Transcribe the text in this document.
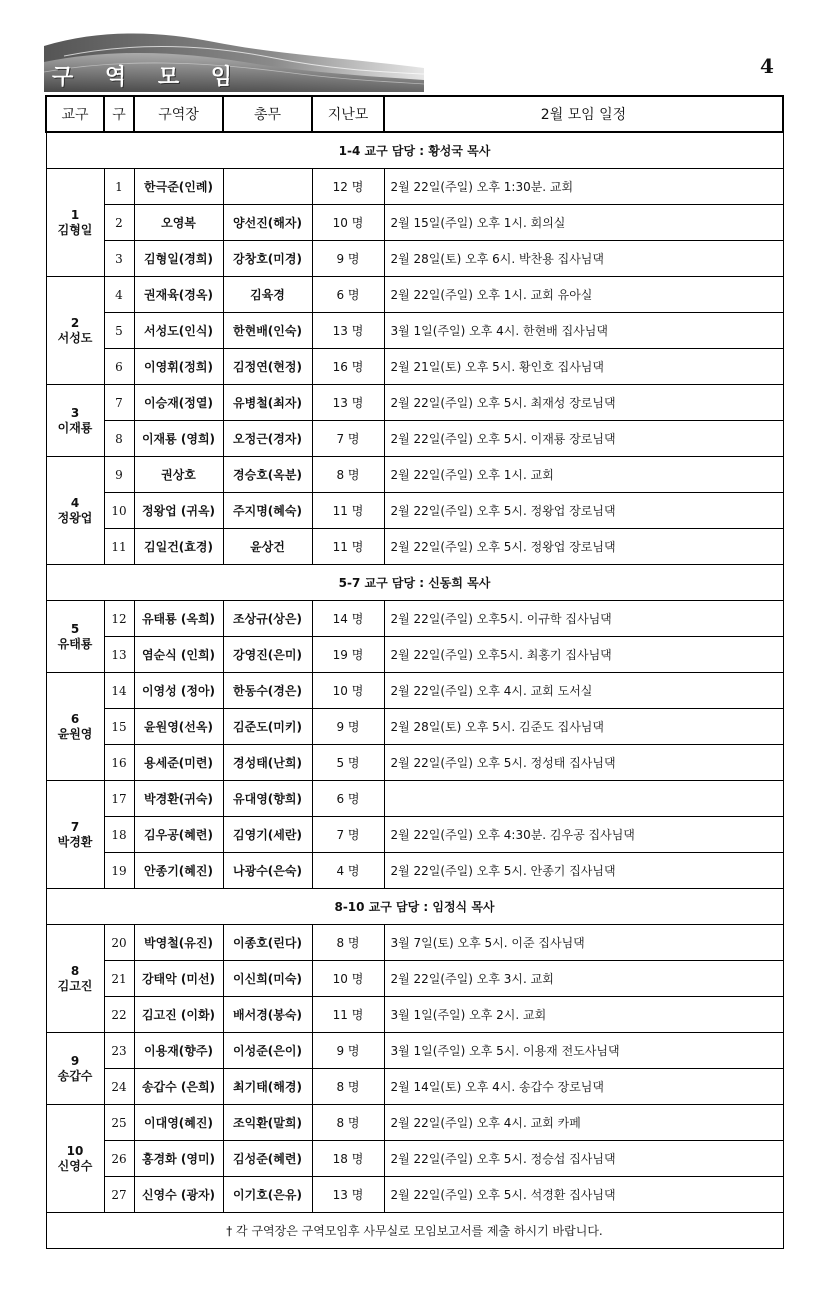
구 역 모 임	4
교구	구	구역장	총무	지난모	2월 모임 일정
1-4 교구 담당 : 황성국 목사					

1
김형일	1	한극준(인례)		12 명	2월 22일(주일) 오후 1:30분. 교회
	2	오영복	양선진(해자)	10 명	2월 15일(주일) 오후 1시. 회의실
	3	김형일(경희)	강창호(미경)	9 명	2월 28일(토) 오후 6시. 박찬용 집사님댁

2
서성도	4	권재육(경옥)	김육경	6 명	2월 22일(주일) 오후 1시. 교회 유아실
	5	서성도(인식)	한현배(인숙)	13 명	3월 1일(주일) 오후 4시. 한현배 집사님댁
	6	이영휘(정희)	김정연(현정)	16 명	2월 21일(토) 오후 5시. 황인호 집사님댁

3
이재룡	7	이승재(정열)	유병철(최자)	13 명	2월 22일(주일) 오후 5시. 최재성 장로님댁
	8	이재룡 (영희)	오정근(경자)	7 명	2월 22일(주일) 오후 5시. 이재룡 장로님댁

4
정왕업	9	권상호	경승호(옥분)	8 명	2월 22일(주일) 오후 1시. 교회
	10	정왕업 (귀옥)	주지명(혜숙)	11 명	2월 22일(주일) 오후 5시. 정왕업 장로님댁
	11	김일건(효경)	윤상건	11 명	2월 22일(주일) 오후 5시. 정왕업 장로님댁
5-7 교구 담당 : 신동희 목사					

5
유태룡	12	유태룡 (옥희)	조상규(상은)	14 명	2월 22일(주일) 오후5시. 이규학 집사님댁
	13	염순식 (인희)	강영진(은미)	19 명	2월 22일(주일) 오후5시. 최홍기 집사님댁

6
윤원영	14	이영성 (정아)	한동수(경은)	10 명	2월 22일(주일) 오후 4시. 교회 도서실
	15	윤원영(선옥)	김준도(미키)	9 명	2월 28일(토) 오후 5시. 김준도 집사님댁
	16	용세준(미련)	경성태(난희)	5 명	2월 22일(주일) 오후 5시. 정성태 집사님댁

7
박경환	17	박경환(귀숙)	유대영(향희)	6 명	
	18	김우공(혜련)	김영기(세란)	7 명	2월 22일(주일) 오후 4:30분. 김우공 집사님댁
	19	안종기(혜진)	나광수(은숙)	4 명	2월 22일(주일) 오후 5시. 안종기 집사님댁
8-10 교구 담당 : 임정식 목사					

8
김고진	20	박영철(유진)	이종호(린다)	8 명	3월 7일(토) 오후 5시. 이준 집사님댁
	21	강태악 (미선)	이신희(미숙)	10 명	2월 22일(주일) 오후 3시. 교회
	22	김고진 (이화)	배서경(봉숙)	11 명	3월 1일(주일) 오후 2시. 교회

9
송갑수	23	이용재(향주)	이성준(은이)	9 명	3월 1일(주일) 오후 5시. 이용재 전도사님댁
	24	송갑수 (은희)	최기태(해경)	8 명	2월 14일(토) 오후 4시. 송갑수 장로님댁

10
신영수	25	이대영(혜진)	조익환(말희)	8 명	2월 22일(주일) 오후 4시. 교회 카페
	26	홍경화 (영미)	김성준(혜련)	18 명	2월 22일(주일) 오후 5시. 정승섭 집사님댁
	27	신영수 (광자)	이기호(은유)	13 명	2월 22일(주일) 오후 5시. 석경환 집사님댁
† 각 구역장은 구역모임후 사무실로 모임보고서를 제출 하시기 바랍니다.					
